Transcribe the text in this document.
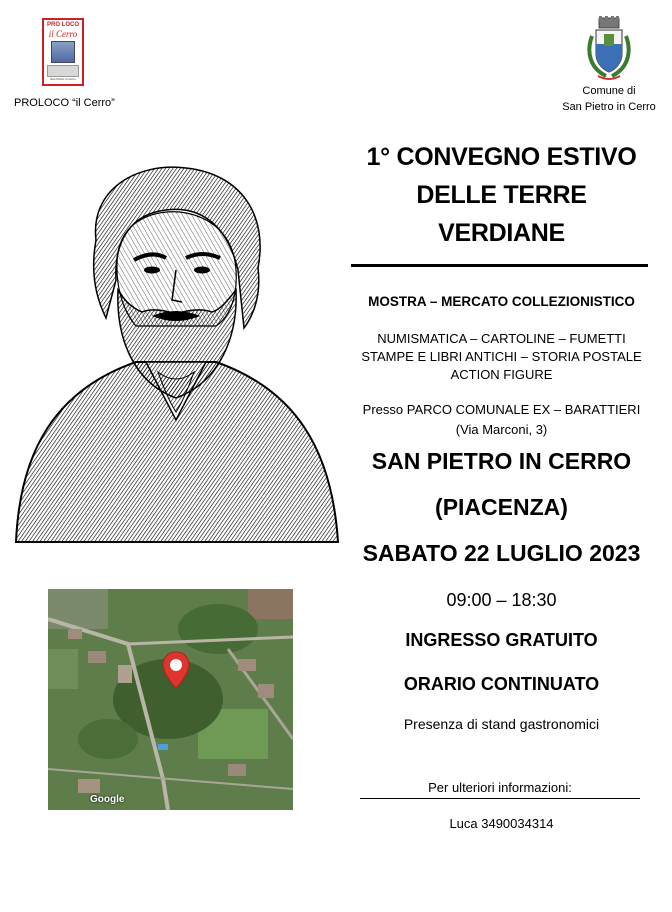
PRO LOCO
il Cerro
San Pietro in Cerro
PROLOCO “il Cerro”
Comune di
San Pietro in Cerro
1° CONVEGNO ESTIVO
DELLE TERRE
VERDIANE
MOSTRA – MERCATO COLLEZIONISTICO
NUMISMATICA – CARTOLINE – FUMETTI
STAMPE E LIBRI ANTICHI – STORIA POSTALE
ACTION FIGURE
Presso PARCO COMUNALE EX – BARATTIERI
(Via Marconi, 3)
SAN PIETRO IN CERRO
(PIACENZA)
SABATO 22 LUGLIO 2023
09:00 – 18:30
INGRESSO GRATUITO
ORARIO CONTINUATO
Presenza di stand gastronomici
Per ulteriori informazioni:
Luca 3490034314
Google
